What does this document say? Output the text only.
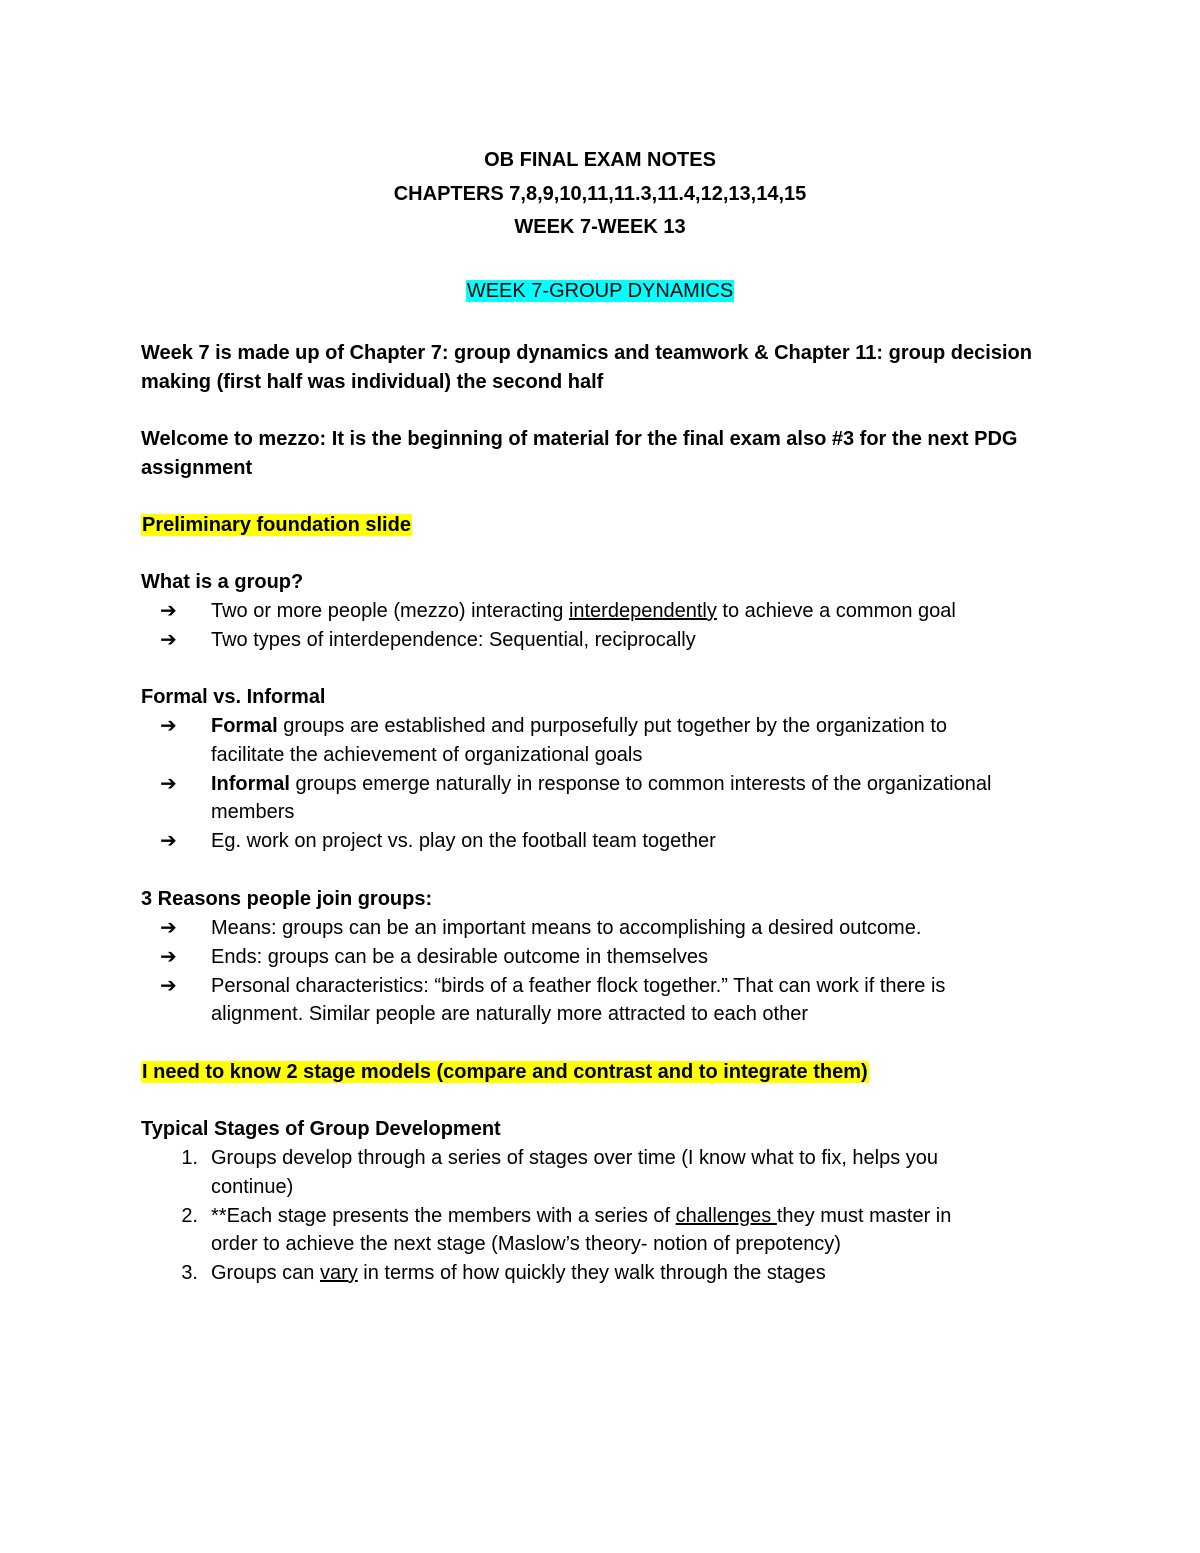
OB FINAL EXAM NOTES
CHAPTERS 7,8,9,10,11,11.3,11.4,12,13,14,15
WEEK 7-WEEK 13
WEEK 7-GROUP DYNAMICS
Week 7 is made up of Chapter 7: group dynamics and teamwork & Chapter 11: group decision
making (first half was individual) the second half
Welcome to mezzo: It is the beginning of material for the final exam also #3 for the next PDG
assignment
Preliminary foundation slide
What is a group?
➔ Two or more people (mezzo) interacting interdependently to achieve a common goal
➔ Two types of interdependence: Sequential, reciprocally
Formal vs. Informal
➔ Formal groups are established and purposefully put together by the organization to
facilitate the achievement of organizational goals
➔ Informal groups emerge naturally in response to common interests of the organizational
members
➔ Eg. work on project vs. play on the football team together
3 Reasons people join groups:
➔ Means: groups can be an important means to accomplishing a desired outcome.
➔ Ends: groups can be a desirable outcome in themselves
➔ Personal characteristics: “birds of a feather flock together.” That can work if there is
alignment. Similar people are naturally more attracted to each other
I need to know 2 stage models (compare and contrast and to integrate them)
Typical Stages of Group Development
1. Groups develop through a series of stages over time (I know what to fix, helps you
continue)
2. **Each stage presents the members with a series of challenges they must master in
order to achieve the next stage (Maslow’s theory- notion of prepotency)
3. Groups can vary in terms of how quickly they walk through the stages
